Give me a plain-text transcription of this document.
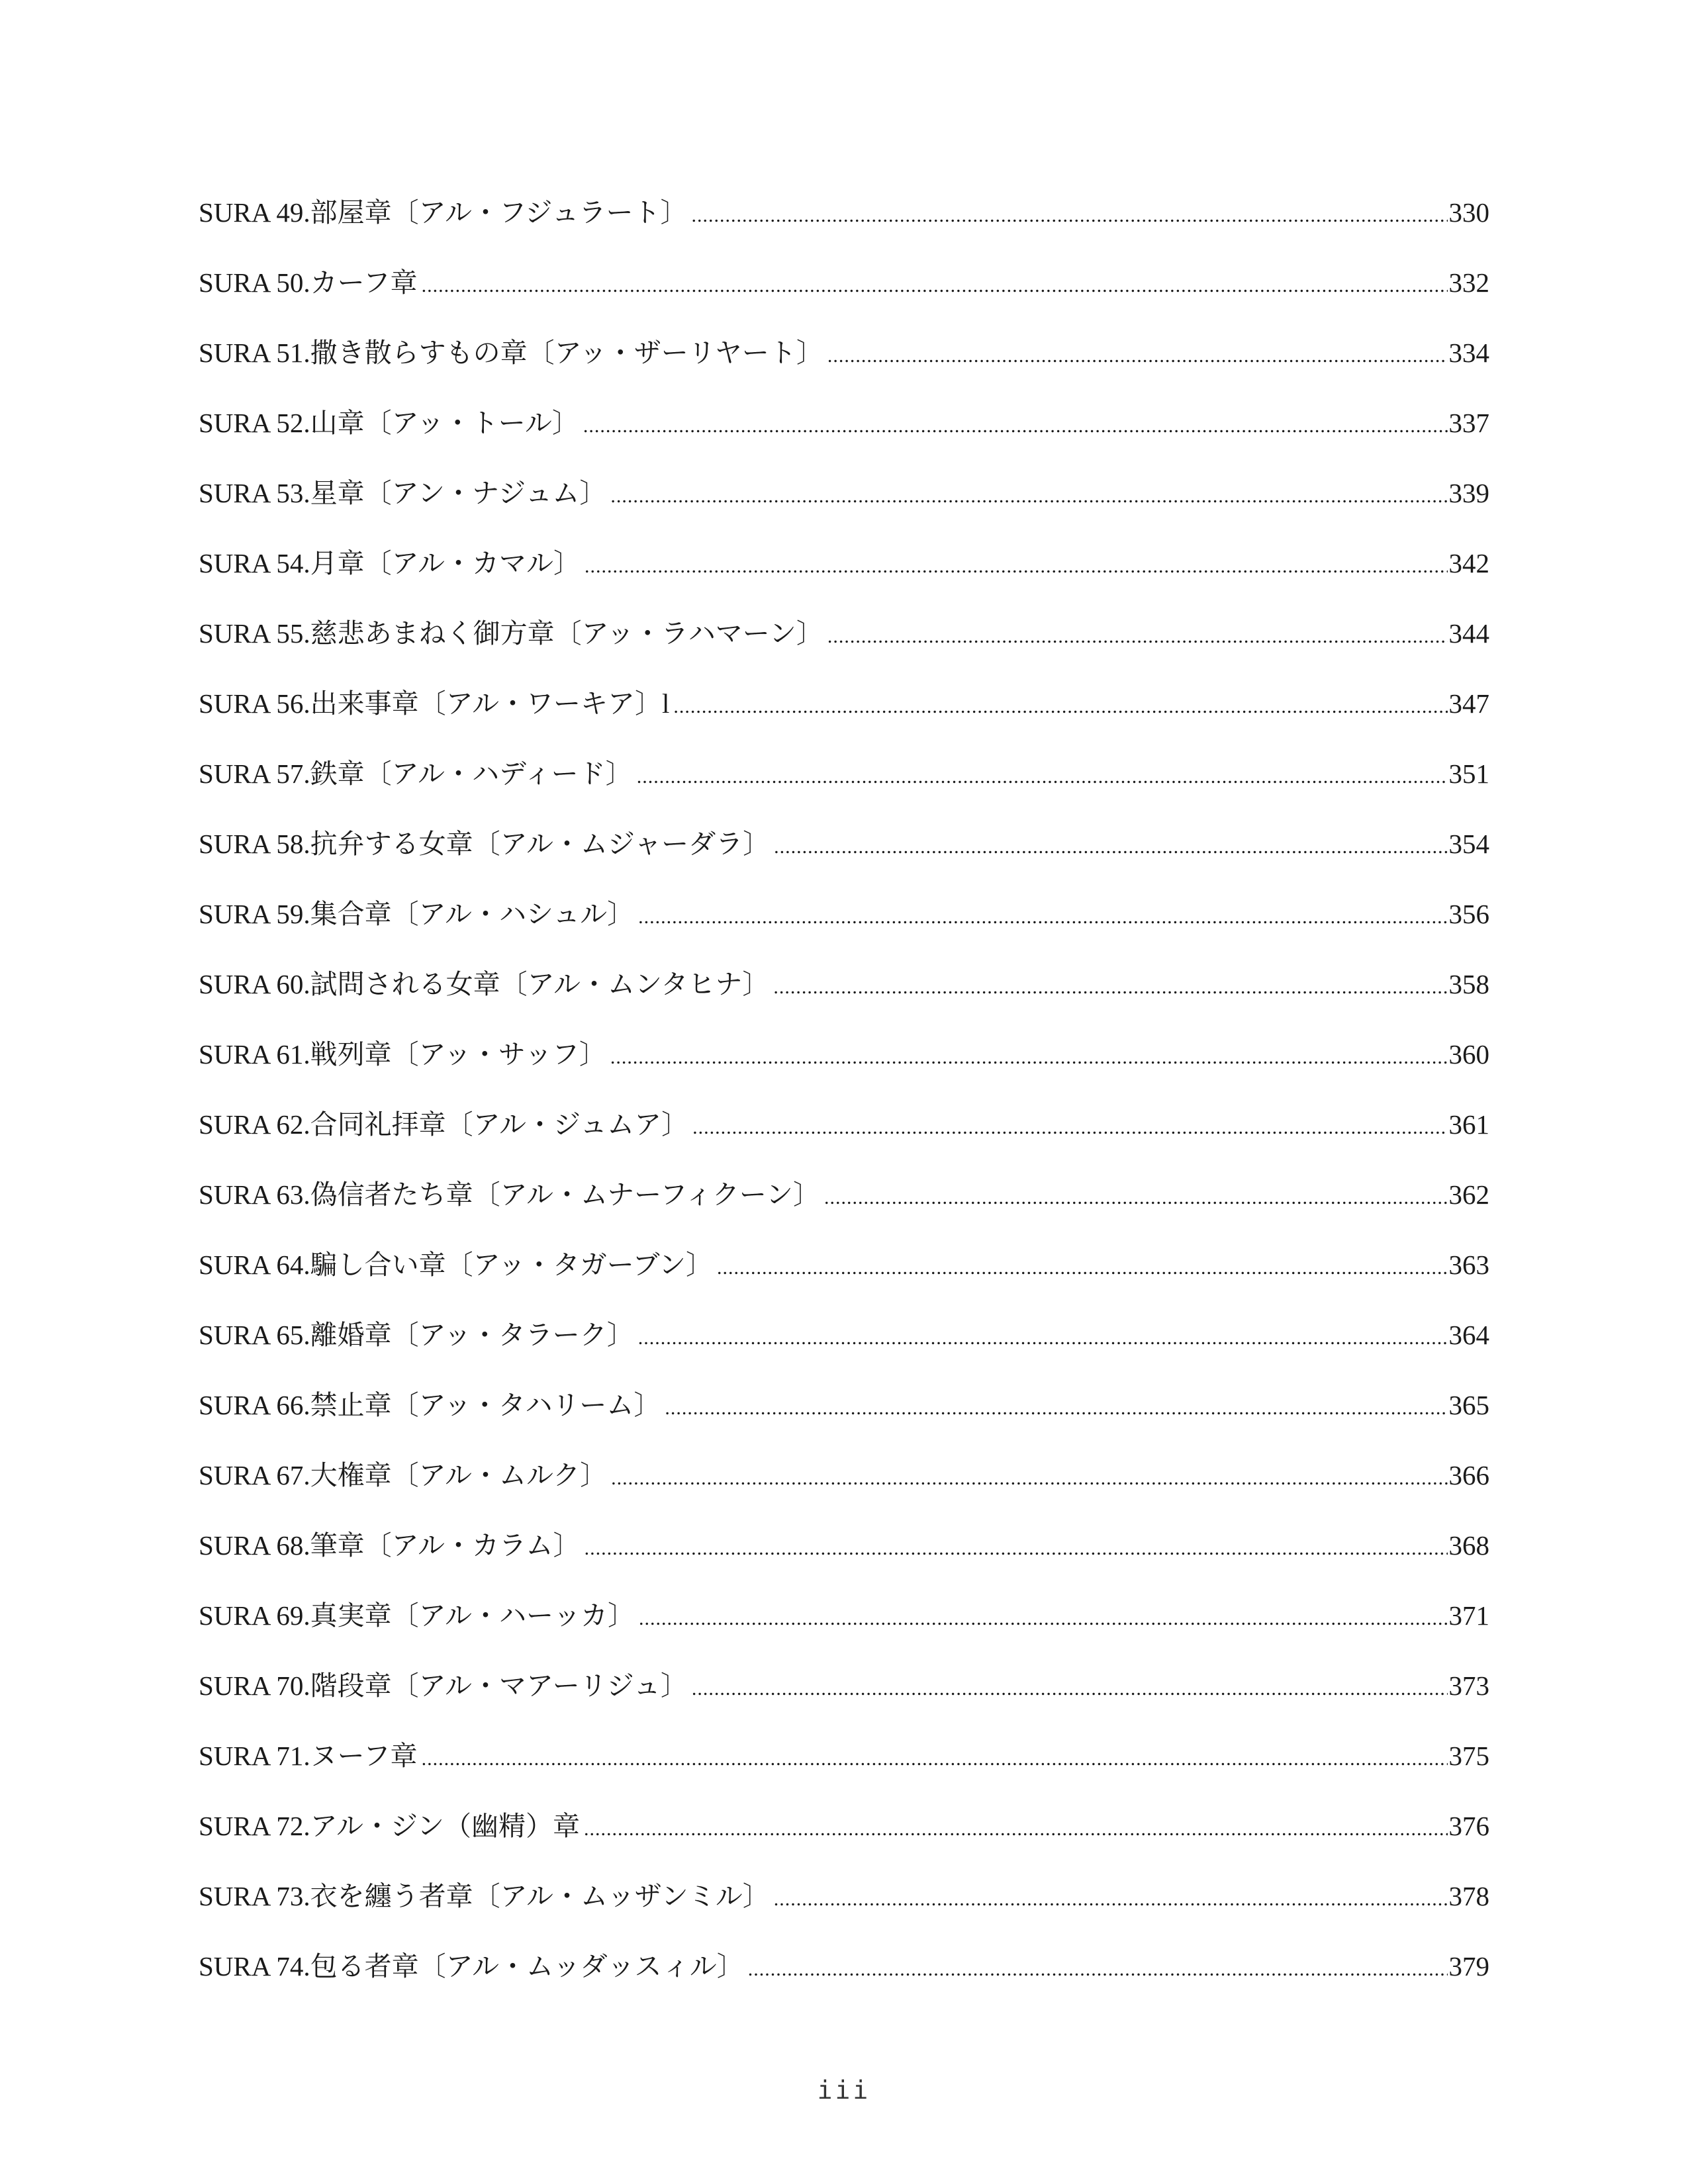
SURA 49.部屋章〔アル・フジュラート〕 .....	330
SURA 50.カーフ章 .....	332
SURA 51.撒き散らすもの章〔アッ・ザーリヤート〕 .....	334
SURA 52.山章〔アッ・トール〕 .....	337
SURA 53.星章〔アン・ナジュム〕 .....	339
SURA 54.月章〔アル・カマル〕 .....	342
SURA 55.慈悲あまねく御方章〔アッ・ラハマーン〕 .....	344
SURA 56.出来事章〔アル・ワーキア〕l .....	347
SURA 57.鉄章〔アル・ハディード〕 .....	351
SURA 58.抗弁する女章〔アル・ムジャーダラ〕 .....	354
SURA 59.集合章〔アル・ハシュル〕 .....	356
SURA 60.試問される女章〔アル・ムンタヒナ〕 .....	358
SURA 61.戦列章〔アッ・サッフ〕 .....	360
SURA 62.合同礼拝章〔アル・ジュムア〕 .....	361
SURA 63.偽信者たち章〔アル・ムナーフィクーン〕 .....	362
SURA 64.騙し合い章〔アッ・タガーブン〕 .....	363
SURA 65.離婚章〔アッ・タラーク〕 .....	364
SURA 66.禁止章〔アッ・タハリーム〕 .....	365
SURA 67.大権章〔アル・ムルク〕 .....	366
SURA 68.筆章〔アル・カラム〕 .....	368
SURA 69.真実章〔アル・ハーッカ〕 .....	371
SURA 70.階段章〔アル・マアーリジュ〕 .....	373
SURA 71.ヌーフ章 .....	375
SURA 72.アル・ジン（幽精）章 .....	376
SURA 73.衣を纏う者章〔アル・ムッザンミル〕 .....	378
SURA 74.包る者章〔アル・ムッダッスィル〕 .....	379
iii
